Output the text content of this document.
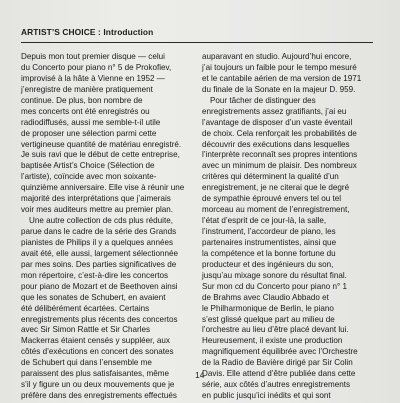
ARTIST’S CHOICE : Introduction
Depuis mon tout premier disque — celui
du Concerto pour piano n° 5 de Prokofiev,
improvisé à la hâte à Vienne en 1952 —
j’enregistre de manière pratiquement
continue. De plus, bon nombre de
mes concerts ont été enregistrés ou
radiodiffusés, aussi me semble-t-il utile
de proposer une sélection parmi cette
vertigineuse quantité de matériau enregistré.
Je suis ravi que le début de cette entreprise,
baptisée Artist’s Choice (Sélection de
l’artiste), coïncide avec mon soixante-
quinzième anniversaire. Elle vise à réunir une
majorité des interprétations que j’aimerais
voir mes auditeurs mettre au premier plan.
Une autre collection de cds plus réduite,
parue dans le cadre de la série des Grands
pianistes de Philips il y a quelques années
avait été, elle aussi, largement sélectionnée
par mes soins. Des parties significatives de
mon répertoire, c’est-à-dire les concertos
pour piano de Mozart et de Beethoven ainsi
que les sonates de Schubert, en avaient
été délibérément écartées. Certains
enregistrements plus récents des concertos
avec Sir Simon Rattle et Sir Charles
Mackerras étaient censés y suppléer, aux
côtés d’exécutions en concert des sonates
de Schubert qui dans l’ensemble me
paraissent des plus satisfaisantes, même
s’il y figure un ou deux mouvements que je
préfère dans des enregistrements effectués
auparavant en studio. Aujourd’hui encore,
j’ai toujours un faible pour le tempo mesuré
et le cantabile aérien de ma version de 1971
du finale de la Sonate en la majeur D. 959.
Pour tâcher de distinguer des
enregistrements assez gratifiants, j’ai eu
l’avantage de disposer d’un vaste éventail
de choix. Cela renforçait les probabilités de
découvrir des exécutions dans lesquelles
l’interprète reconnaît ses propres intentions
avec un minimum de plaisir. Des nombreux
critères qui déterminent la qualité d’un
enregistrement, je ne citerai que le degré
de sympathie éprouvé envers tel ou tel
morceau au moment de l’enregistrement,
l’état d’esprit de ce jour-là, la salle,
l’instrument, l’accordeur de piano, les
partenaires instrumentistes, ainsi que
la compétence et la bonne fortune du
producteur et des ingénieurs du son,
jusqu’au mixage sonore du résultat final.
Sur mon cd du Concerto pour piano n° 1
de Brahms avec Claudio Abbado et
le Philharmonique de Berlin, le piano
s’est glissé quelque part au milieu de
l’orchestre au lieu d’être placé devant lui.
Heureusement, il existe une production
magnifiquement équilibrée avec l’Orchestre
de la Radio de Bavière dirigé par Sir Colin
Davis. Elle attend d’être publiée dans cette
série, aux côtés d’autres enregistrements
en public jusqu’ici inédits et qui sont
14
